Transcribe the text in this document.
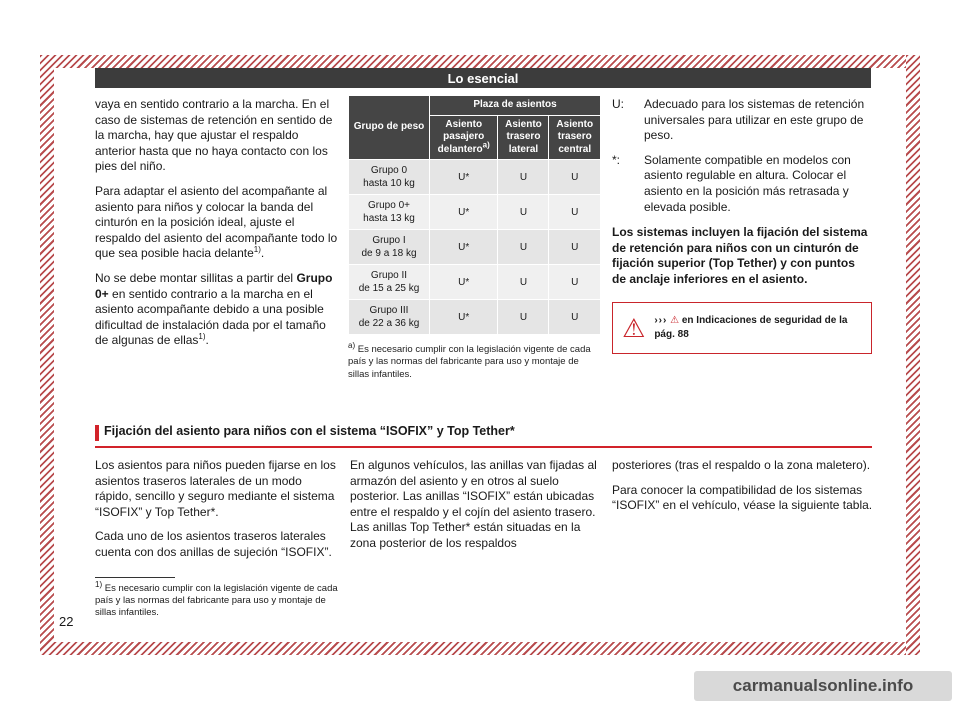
Lo esencial

vaya en sentido contrario a la marcha. En el caso de sistemas de retención en sentido de la marcha, hay que ajustar el respaldo anterior hasta que no haya contacto con los pies del niño.

Para adaptar el asiento del acompañante al asiento para niños y colocar la banda del cinturón en la posición ideal, ajuste el respaldo del asiento del acompañante todo lo que sea posible hacia delante$^{1)}$.

No se debe montar sillitas a partir del Grupo 0+ en sentido contrario a la marcha en el asiento acompañante debido a una posible dificultad de instalación dada por el tamaño de algunas de ellas$^{1)}$.

Grupo de peso	Plaza de asientos		
	Asiento pasajero delantero$^{a)}$	Asiento trasero lateral	Asiento trasero central

Grupo 0
hasta 10 kg	U*	U	U

Grupo 0+
hasta 13 kg	U*	U	U

Grupo I
de 9 a 18 kg	U*	U	U

Grupo II
de 15 a 25 kg	U*	U	U

Grupo III
de 22 a 36 kg	U*	U	U
$^{a)}$ Es necesario cumplir con la legislación vigente de cada país y las normas del fabricante para uso y montaje de sillas infantiles.
U:	Adecuado para los sistemas de retención universales para utilizar en este grupo de peso.
*:	Solamente compatible en modelos con asiento regulable en altura. Colocar el asiento en la posición más retrasada y elevada posible.

Los sistemas incluyen la fijación del sistema de retención para niños con un cinturón de fijación superior (Top Tether) y con puntos de anclaje inferiores en el asiento.

⚠ ››› ⚠ en Indicaciones de seguridad de la pág. 88
Fijación del asiento para niños con el sistema “ISOFIX” y Top Tether*

Los asientos para niños pueden fijarse en los asientos traseros laterales de un modo rápido, sencillo y seguro mediante el sistema “ISOFIX” y Top Tether*.

Cada uno de los asientos traseros laterales cuenta con dos anillas de sujeción “ISOFIX”.

$^{1)}$ Es necesario cumplir con la legislación vigente de cada país y las normas del fabricante para uso y montaje de sillas infantiles.

En algunos vehículos, las anillas van fijadas al armazón del asiento y en otros al suelo posterior. Las anillas “ISOFIX” están ubicadas entre el respaldo y el cojín del asiento trasero. Las anillas Top Tether* están situadas en la zona posterior de los respaldos

posteriores (tras el respaldo o la zona maletero).

Para conocer la compatibilidad de los sistemas “ISOFIX” en el vehículo, véase la siguiente tabla.

22
carmanualsonline.info
